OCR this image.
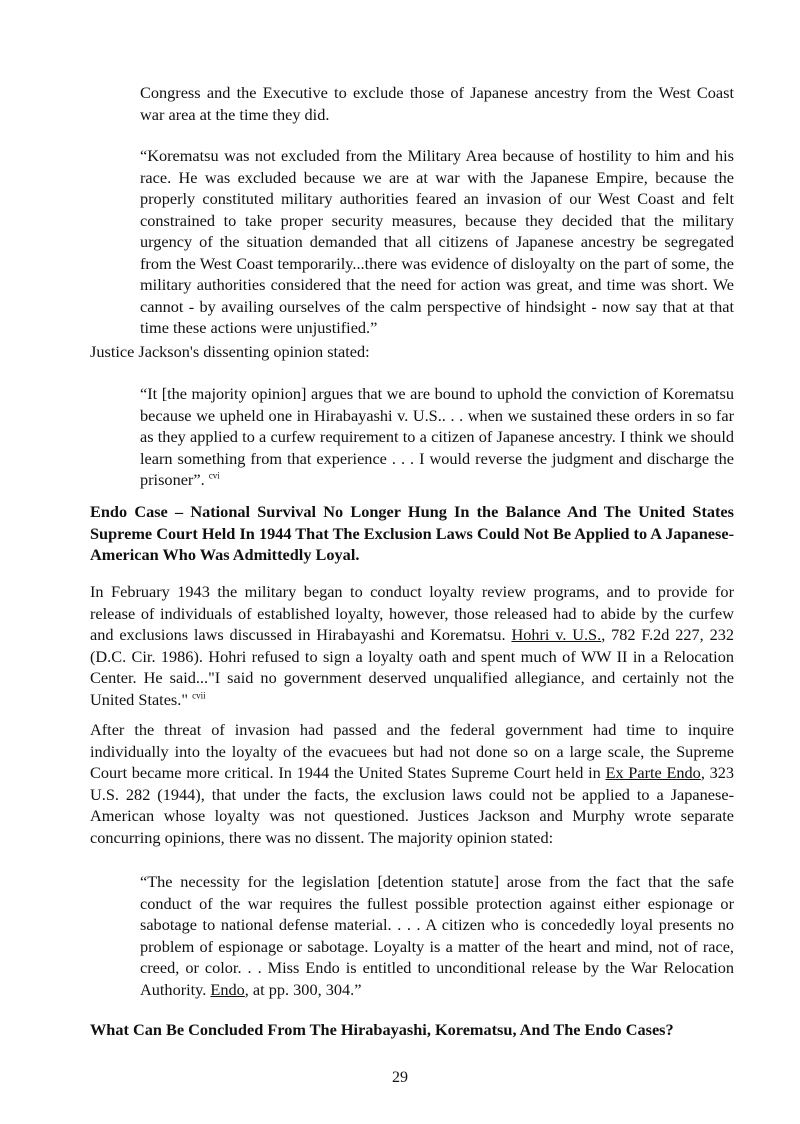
Congress and the Executive to exclude those of Japanese ancestry from the West Coast war area at the time they did.

“Korematsu was not excluded from the Military Area because of hostility to him and his race. He was excluded because we are at war with the Japanese Empire, because the properly constituted military authorities feared an invasion of our West Coast and felt constrained to take proper security measures, because they decided that the military urgency of the situation demanded that all citizens of Japanese ancestry be segregated from the West Coast temporarily...there was evidence of disloyalty on the part of some, the military authorities considered that the need for action was great, and time was short. We cannot - by availing ourselves of the calm perspective of hindsight - now say that at that time these actions were unjustified.”

Justice Jackson's dissenting opinion stated:

“It [the majority opinion] argues that we are bound to uphold the conviction of Korematsu because we upheld one in Hirabayashi v. U.S.. . . when we sustained these orders in so far as they applied to a curfew requirement to a citizen of Japanese ancestry. I think we should learn something from that experience . . . I would reverse the judgment and discharge the prisoner”. $^{cvi}$

Endo Case – National Survival No Longer Hung In the Balance And The United States Supreme Court Held In 1944 That The Exclusion Laws Could Not Be Applied to A Japanese-American Who Was Admittedly Loyal.

In February 1943 the military began to conduct loyalty review programs, and to provide for release of individuals of established loyalty, however, those released had to abide by the curfew and exclusions laws discussed in Hirabayashi and Korematsu. Hohri v. U.S., 782 F.2d 227, 232 (D.C. Cir. 1986). Hohri refused to sign a loyalty oath and spent much of WW II in a Relocation Center. He said..."I said no government deserved unqualified allegiance, and certainly not the United States." $^{cvii}$

After the threat of invasion had passed and the federal government had time to inquire individually into the loyalty of the evacuees but had not done so on a large scale, the Supreme Court became more critical. In 1944 the United States Supreme Court held in Ex Parte Endo, 323 U.S. 282 (1944), that under the facts, the exclusion laws could not be applied to a Japanese-American whose loyalty was not questioned. Justices Jackson and Murphy wrote separate concurring opinions, there was no dissent. The majority opinion stated:

“The necessity for the legislation [detention statute] arose from the fact that the safe conduct of the war requires the fullest possible protection against either espionage or sabotage to national defense material. . . . A citizen who is concededly loyal presents no problem of espionage or sabotage. Loyalty is a matter of the heart and mind, not of race, creed, or color. . . Miss Endo is entitled to unconditional release by the War Relocation Authority. Endo, at pp. 300, 304.”

What Can Be Concluded From The Hirabayashi, Korematsu, And The Endo Cases?

29
